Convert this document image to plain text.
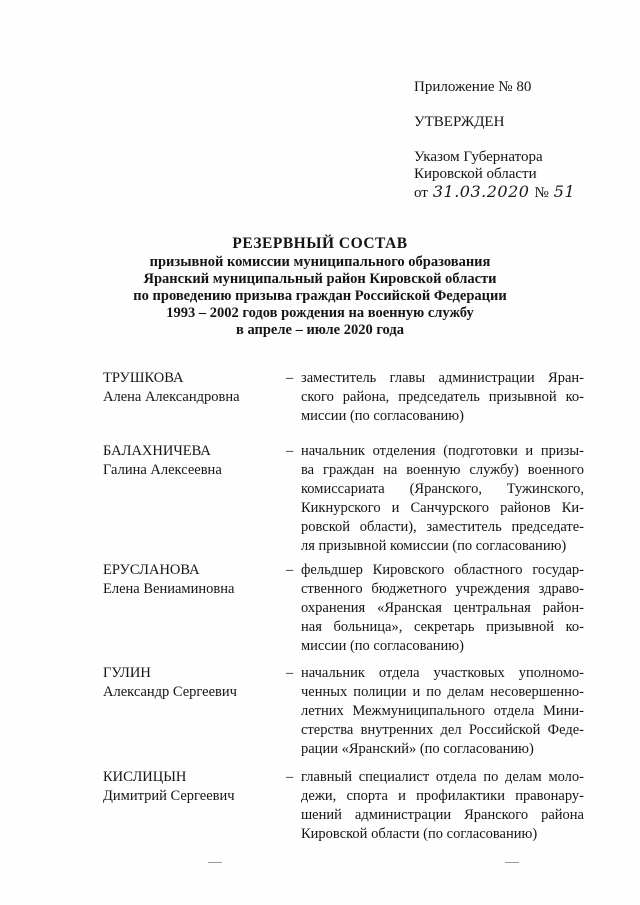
Приложение № 80
УТВЕРЖДЕН
Указом Губернатора
Кировской области
от 31.03.2020 № 51
РЕЗЕРВНЫЙ СОСТАВ
призывной комиссии муниципального образования
Яранский муниципальный район Кировской области
по проведению призыва граждан Российской Федерации
1993 – 2002 годов рождения на военную службу
в апреле – июле 2020 года
ТРУШКОВА
Алена Александровна
– заместитель главы администрации Яран-
ского района, председатель призывной ко-
миссии (по согласованию)
БАЛАХНИЧЕВА
Галина Алексеевна
– начальник отделения (подготовки и призы-
ва граждан на военную службу) военного
комиссариата    (Яранского,    Тужинского,
Кикнурского и Санчурского районов Ки-
ровской области), заместитель председате-
ля призывной комиссии (по согласованию)
ЕРУСЛАНОВА
Елена Вениаминовна
– фельдшер Кировского областного государ-
ственного бюджетного учреждения здраво-
охранения «Яранская центральная район-
ная больница», секретарь призывной ко-
миссии (по согласованию)
ГУЛИН
Александр Сергеевич
– начальник отдела участковых уполномо-
ченных полиции и по делам несовершенно-
летних Межмуниципального отдела Мини-
стерства внутренних дел Российской Феде-
рации «Яранский» (по согласованию)
КИСЛИЦЫН
Димитрий Сергеевич
– главный специалист отдела по делам моло-
дежи, спорта и профилактики правонару-
шений администрации Яранского района
Кировской области (по согласованию)
